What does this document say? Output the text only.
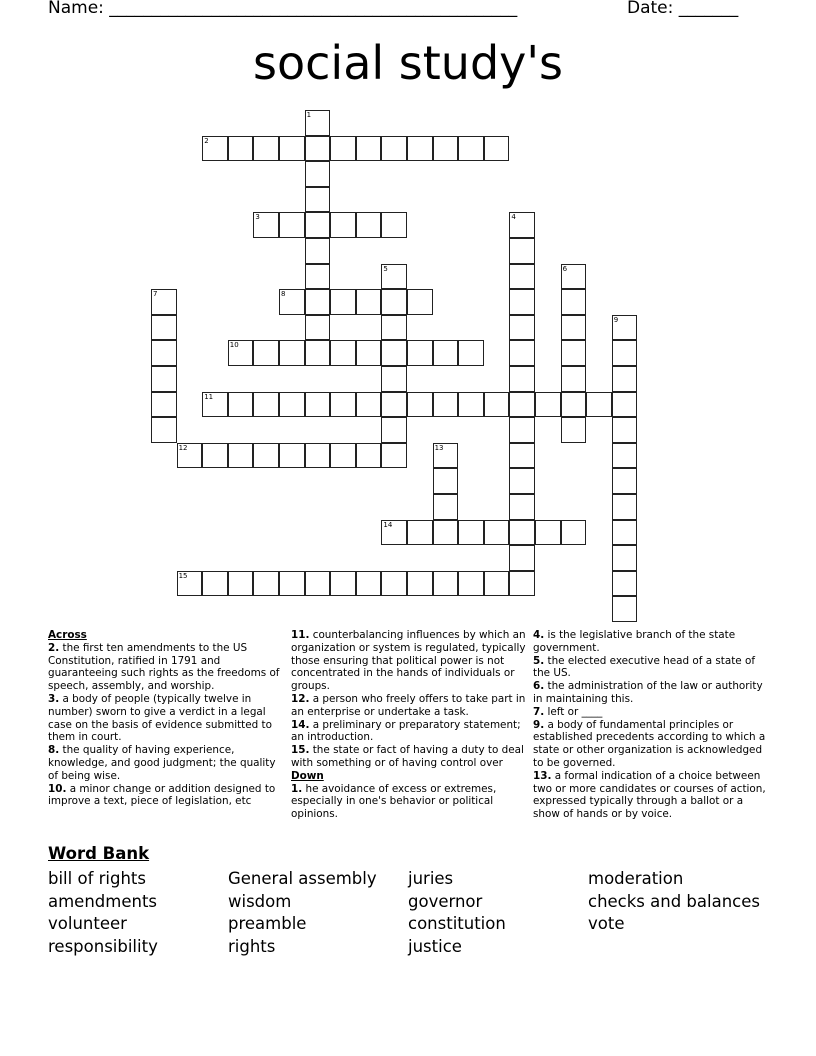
Name: ________________________________________________	Date: _______
social study's
1
2
3	4
5	6
7	8
9
10
11
12	13
14
15
Across
2. the first ten amendments to the US Constitution, ratified in 1791 and guaranteeing such rights as the freedoms of speech, assembly, and worship.
3. a body of people (typically twelve in number) sworn to give a verdict in a legal case on the basis of evidence submitted to them in court.
8. the quality of having experience, knowledge, and good judgment; the quality of being wise.
10. a minor change or addition designed to improve a text, piece of legislation, etc
11. counterbalancing influences by which an organization or system is regulated, typically those ensuring that political power is not concentrated in the hands of individuals or groups.
12. a person who freely offers to take part in an enterprise or undertake a task.
14. a preliminary or preparatory statement; an introduction.
15. the state or fact of having a duty to deal with something or of having control over
Down
1. he avoidance of excess or extremes, especially in one's behavior or political opinions.
4. is the legislative branch of the state government.
5. the elected executive head of a state of the US.
6. the administration of the law or authority in maintaining this.
7. left or ____
9. a body of fundamental principles or established precedents according to which a state or other organization is acknowledged to be governed.
13. a formal indication of a choice between two or more candidates or courses of action, expressed typically through a ballot or a show of hands or by voice.
Word Bank
bill of rights
amendments
volunteer
responsibility
General assembly
wisdom
preamble
rights
juries
governor
constitution
justice
moderation
checks and balances
vote
